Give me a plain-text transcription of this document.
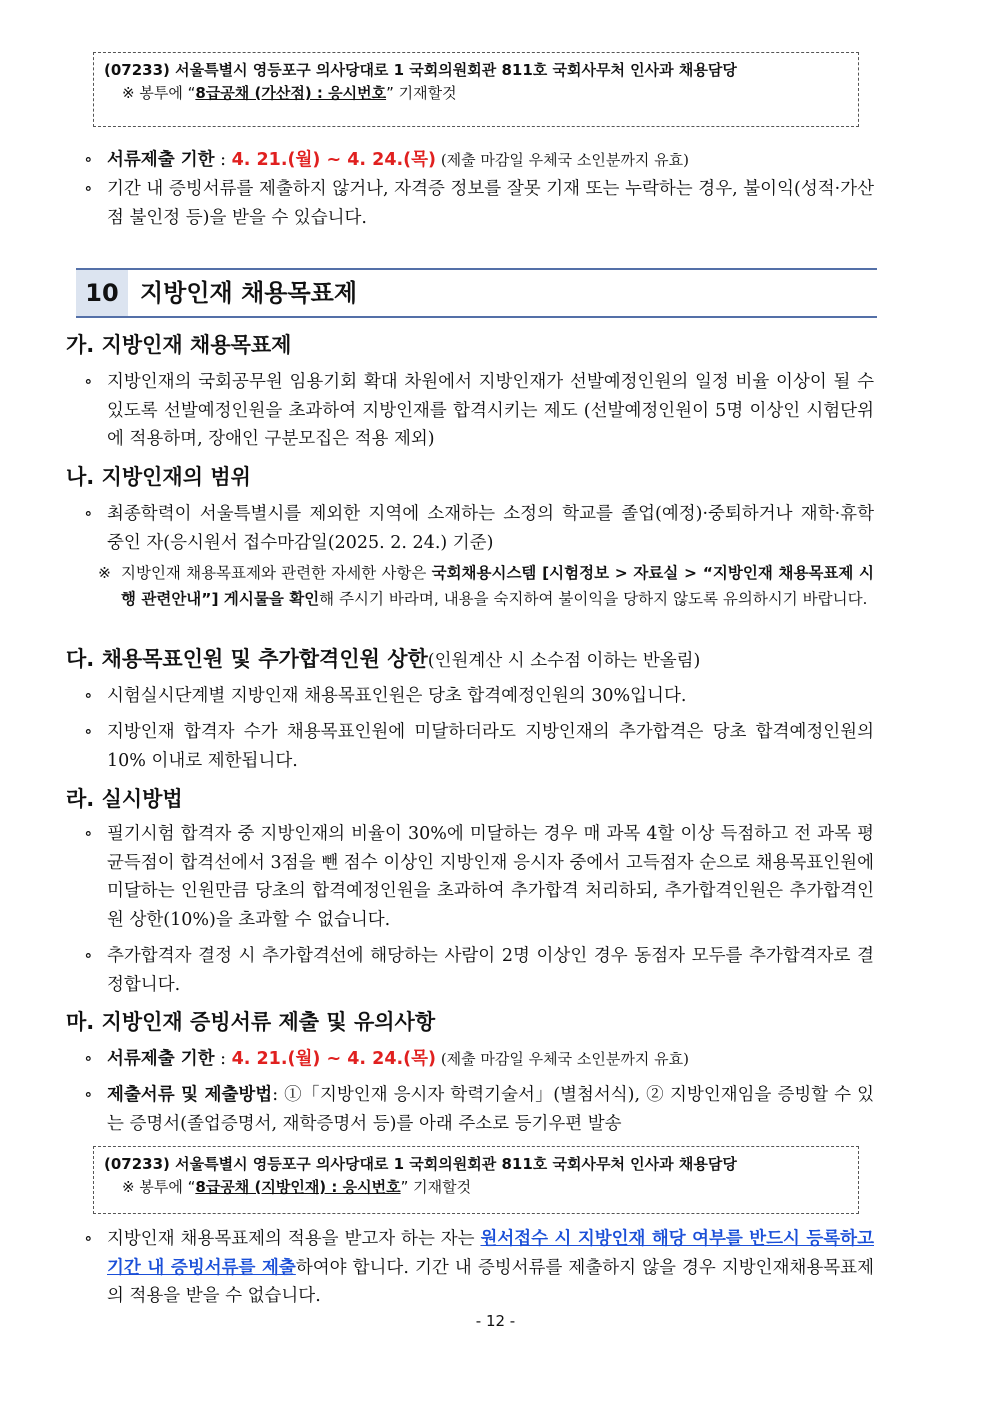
(07233) 서울특별시 영등포구 의사당대로 1 국회의원회관 811호 국회사무처 인사과 채용담당
※ 봉투에 “8급공채 (가산점) : 응시번호” 기재할것
∘ 서류제출 기한 : 4. 21.(월) ~ 4. 24.(목) (제출 마감일 우체국 소인분까지 유효)
∘ 기간 내 증빙서류를 제출하지 않거나, 자격증 정보를 잘못 기재 또는 누락하는 경우, 불이익(성적·가산점 불인정 등)을 받을 수 있습니다.
10 지방인재 채용목표제
가. 지방인재 채용목표제
∘ 지방인재의 국회공무원 임용기회 확대 차원에서 지방인재가 선발예정인원의 일정 비율 이상이 될 수 있도록 선발예정인원을 초과하여 지방인재를 합격시키는 제도 (선발예정인원이 5명 이상인 시험단위에 적용하며, 장애인 구분모집은 적용 제외)
나. 지방인재의 범위
∘ 최종학력이 서울특별시를 제외한 지역에 소재하는 소정의 학교를 졸업(예정)·중퇴하거나 재학·휴학 중인 자(응시원서 접수마감일(2025. 2. 24.) 기준)
※ 지방인재 채용목표제와 관련한 자세한 사항은 국회채용시스템 [시험정보 > 자료실 > “지방인재 채용목표제 시행 관련안내”] 게시물을 확인해 주시기 바라며, 내용을 숙지하여 불이익을 당하지 않도록 유의하시기 바랍니다.
다. 채용목표인원 및 추가합격인원 상한(인원계산 시 소수점 이하는 반올림)
∘ 시험실시단계별 지방인재 채용목표인원은 당초 합격예정인원의 30%입니다.
∘ 지방인재 합격자 수가 채용목표인원에 미달하더라도 지방인재의 추가합격은 당초 합격예정인원의 10% 이내로 제한됩니다.
라. 실시방법
∘ 필기시험 합격자 중 지방인재의 비율이 30%에 미달하는 경우 매 과목 4할 이상 득점하고 전 과목 평균득점이 합격선에서 3점을 뺀 점수 이상인 지방인재 응시자 중에서 고득점자 순으로 채용목표인원에 미달하는 인원만큼 당초의 합격예정인원을 초과하여 추가합격 처리하되, 추가합격인원은 추가합격인원 상한(10%)을 초과할 수 없습니다.
∘ 추가합격자 결정 시 추가합격선에 해당하는 사람이 2명 이상인 경우 동점자 모두를 추가합격자로 결정합니다.
마. 지방인재 증빙서류 제출 및 유의사항
∘ 서류제출 기한 : 4. 21.(월) ~ 4. 24.(목) (제출 마감일 우체국 소인분까지 유효)
∘ 제출서류 및 제출방법: ①「지방인재 응시자 학력기술서」(별첨서식), ② 지방인재임을 증빙할 수 있는 증명서(졸업증명서, 재학증명서 등)를 아래 주소로 등기우편 발송
(07233) 서울특별시 영등포구 의사당대로 1 국회의원회관 811호 국회사무처 인사과 채용담당
※ 봉투에 “8급공채 (지방인재) : 응시번호” 기재할것
∘ 지방인재 채용목표제의 적용을 받고자 하는 자는 원서접수 시 지방인재 해당 여부를 반드시 등록하고 기간 내 증빙서류를 제출하여야 합니다. 기간 내 증빙서류를 제출하지 않을 경우 지방인재채용목표제의 적용을 받을 수 없습니다.
- 12 -
